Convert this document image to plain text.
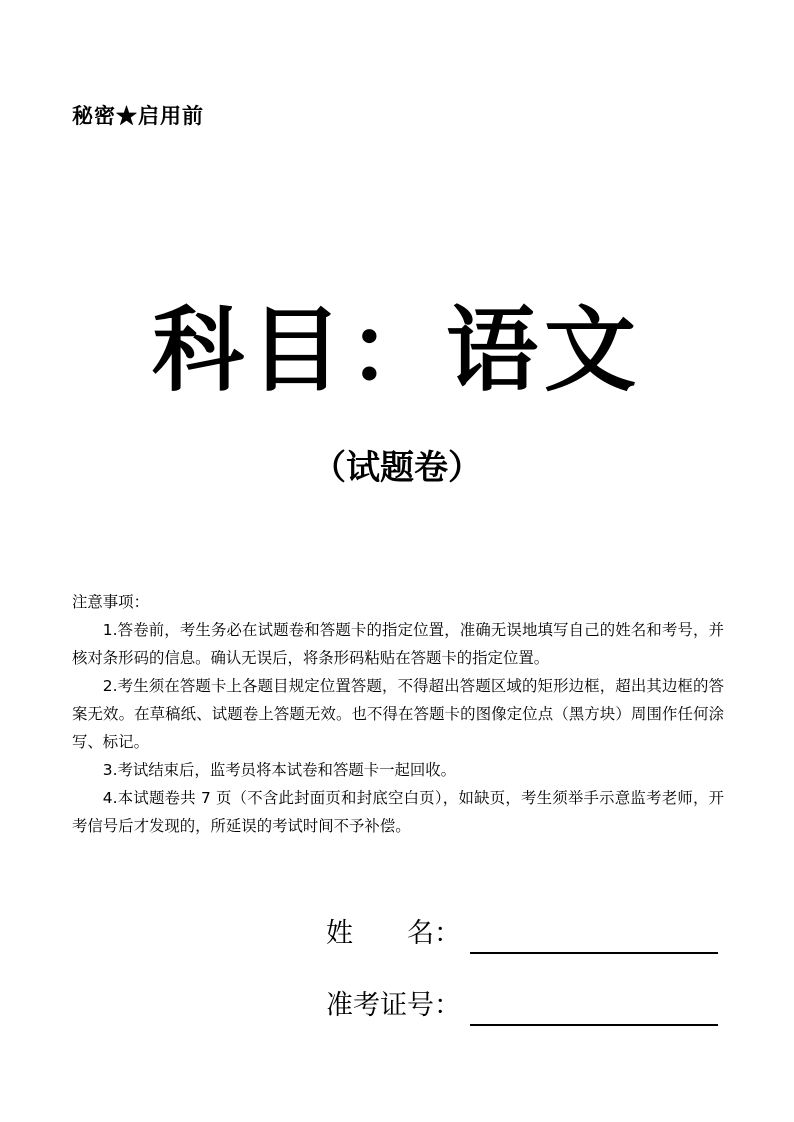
秘密★启用前
科目：语文
（试题卷）
注意事项：

1.答卷前，考生务必在试题卷和答题卡的指定位置，准确无误地填写自己的姓名和考号，并核对条形码的信息。确认无误后，将条形码粘贴在答题卡的指定位置。

2.考生须在答题卡上各题目规定位置答题，不得超出答题区域的矩形边框，超出其边框的答案无效。在草稿纸、试题卷上答题无效。也不得在答题卡的图像定位点（黑方块）周围作任何涂写、标记。

3.考试结束后，监考员将本试卷和答题卡一起回收。

4.本试题卷共 7 页（不含此封面页和封底空白页），如缺页，考生须举手示意监考老师，开考信号后才发现的，所延误的考试时间不予补偿。

姓　　名：
准考证号：
